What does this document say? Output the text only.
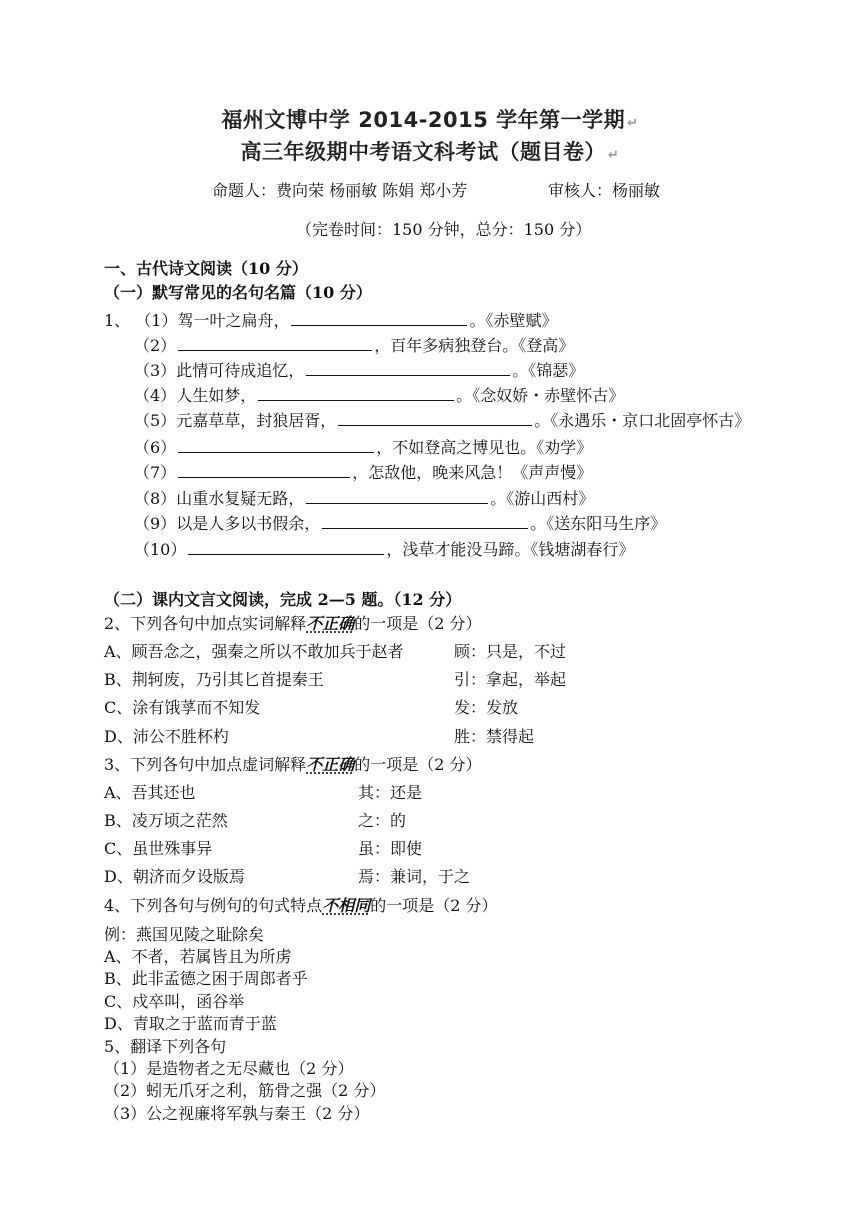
福州文博中学 2014-2015 学年第一学期 ↵
高三年级期中考语文科考试（题目卷） ↵
命题人：费向荣 杨丽敏 陈娟 郑小芳	审核人：杨丽敏
（完卷时间：150 分钟，总分：150 分）
一、古代诗文阅读（10 分）
（一）默写常见的名句名篇（10 分）
1、 （1）驾一叶之扁舟，	。《赤壁赋》
（2）	，百年多病独登台。《登高》
（3）此情可待成追忆，	。《锦瑟》
（4）人生如梦，	。《念奴娇・赤壁怀古》
（5）元嘉草草，封狼居胥，	。《永遇乐・京口北固亭怀古》
（6）	，不如登高之博见也。《劝学》
（7）	，怎敌他，晚来风急！《声声慢》
（8）山重水复疑无路，	。《游山西村》
（9）以是人多以书假余，	。《送东阳马生序》
（10）	，浅草才能没马蹄。《钱塘湖春行》
（二）课内文言文阅读，完成 2—5 题。（12 分）
2、下列各句中加点实词解释不正确的一项是（2 分）
A、顾吾念之，强秦之所以不敢加兵于赵者	顾：只是，不过
B、荆轲废，乃引其匕首提秦王	引：拿起，举起
C、涂有饿莩而不知发	发：发放
D、沛公不胜杯杓	胜：禁得起
3、下列各句中加点虚词解释不正确的一项是（2 分）
A、吾其还也	其：还是
B、凌万顷之茫然	之：的
C、虽世殊事异	虽：即使
D、朝济而夕设版焉	焉：兼词，于之
4、下列各句与例句的句式特点不相同的一项是（2 分）
例：燕国见陵之耻除矣
A、不者，若属皆且为所虏
B、此非孟德之困于周郎者乎
C、戍卒叫，函谷举
D、青取之于蓝而青于蓝
5、翻译下列各句
（1）是造物者之无尽藏也（2 分）
（2）蚓无爪牙之利，筋骨之强（2 分）
（3）公之视廉将军孰与秦王（2 分）
